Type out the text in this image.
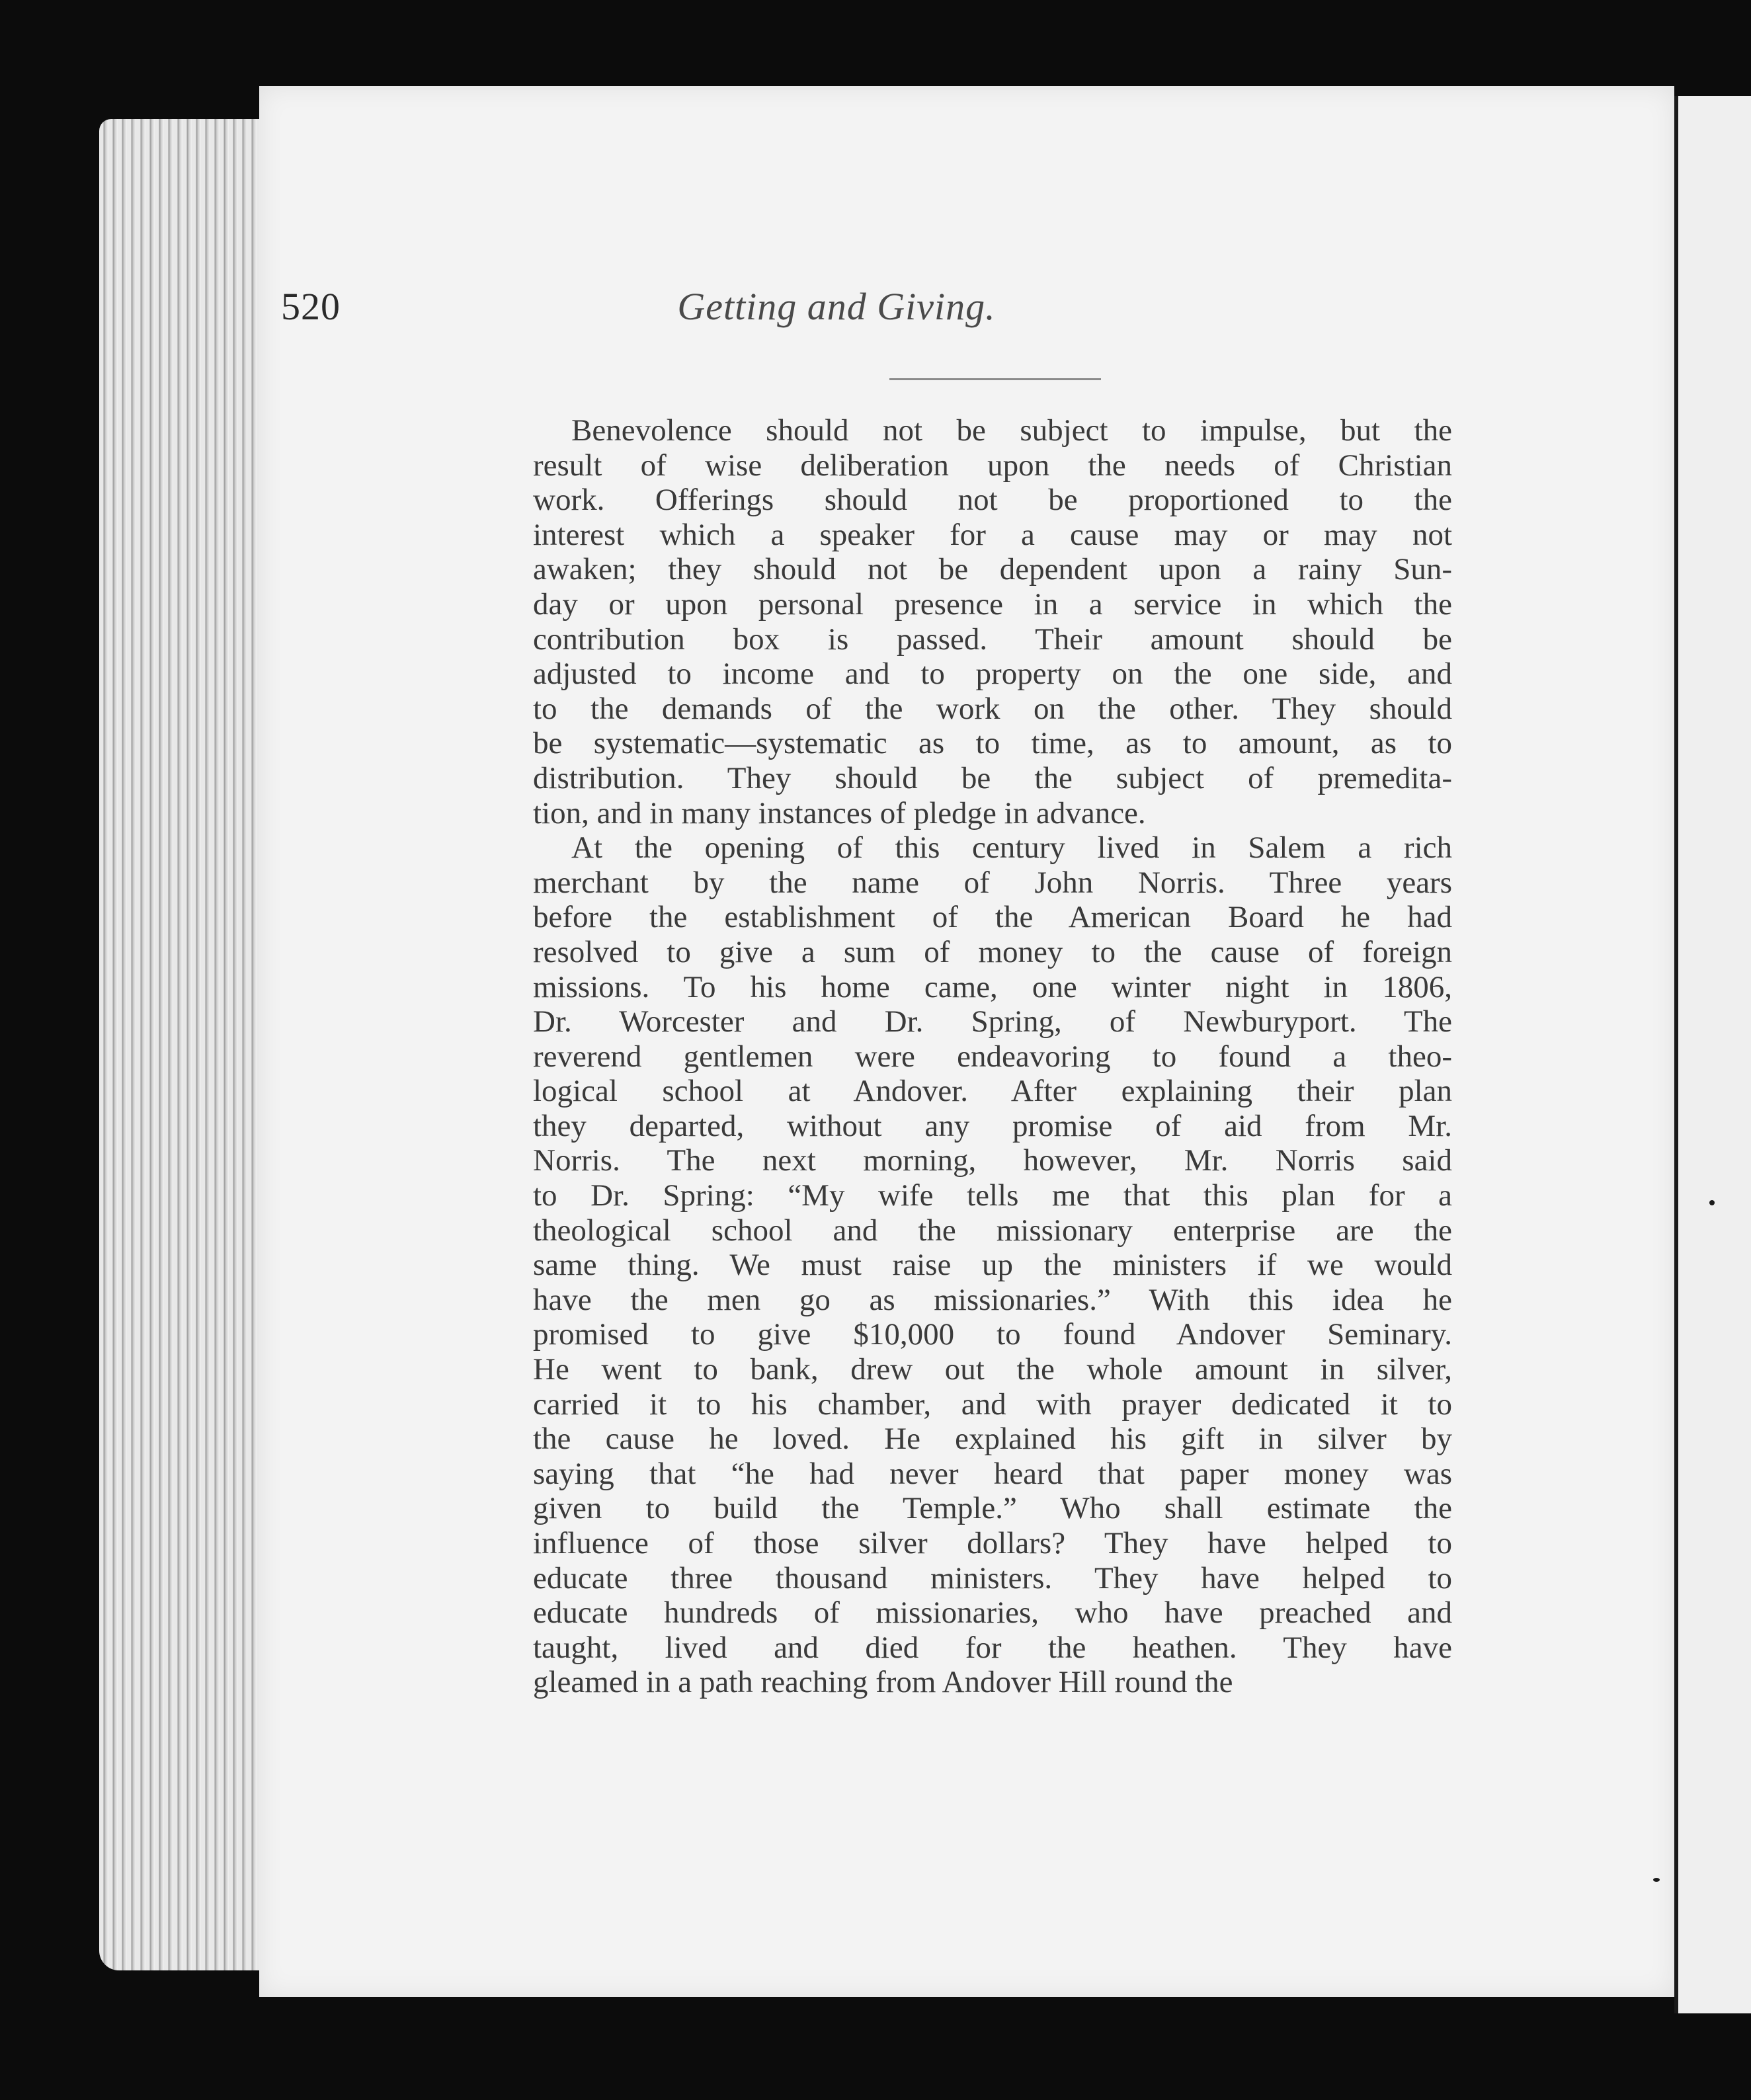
520	Getting and Giving.
Benevolence should not be subject to impulse, but the
result of wise deliberation upon the needs of Christian
work. Offerings should not be proportioned to the
interest which a speaker for a cause may or may not
awaken; they should not be dependent upon a rainy Sun-
day or upon personal presence in a service in which the
contribution box is passed. Their amount should be
adjusted to income and to property on the one side, and
to the demands of the work on the other. They should
be systematic—systematic as to time, as to amount, as to
distribution. They should be the subject of premedita-
tion, and in many instances of pledge in advance.
At the opening of this century lived in Salem a rich
merchant by the name of John Norris. Three years
before the establishment of the American Board he had
resolved to give a sum of money to the cause of foreign
missions. To his home came, one winter night in 1806,
Dr. Worcester and Dr. Spring, of Newburyport. The
reverend gentlemen were endeavoring to found a theo-
logical school at Andover. After explaining their plan
they departed, without any promise of aid from Mr.
Norris. The next morning, however, Mr. Norris said
to Dr. Spring: “My wife tells me that this plan for a
theological school and the missionary enterprise are the
same thing. We must raise up the ministers if we would
have the men go as missionaries.” With this idea he
promised to give $10,000 to found Andover Seminary.
He went to bank, drew out the whole amount in silver,
carried it to his chamber, and with prayer dedicated it to
the cause he loved. He explained his gift in silver by
saying that “he had never heard that paper money was
given to build the Temple.” Who shall estimate the
influence of those silver dollars? They have helped to
educate three thousand ministers. They have helped to
educate hundreds of missionaries, who have preached and
taught, lived and died for the heathen. They have
gleamed in a path reaching from Andover Hill round the
